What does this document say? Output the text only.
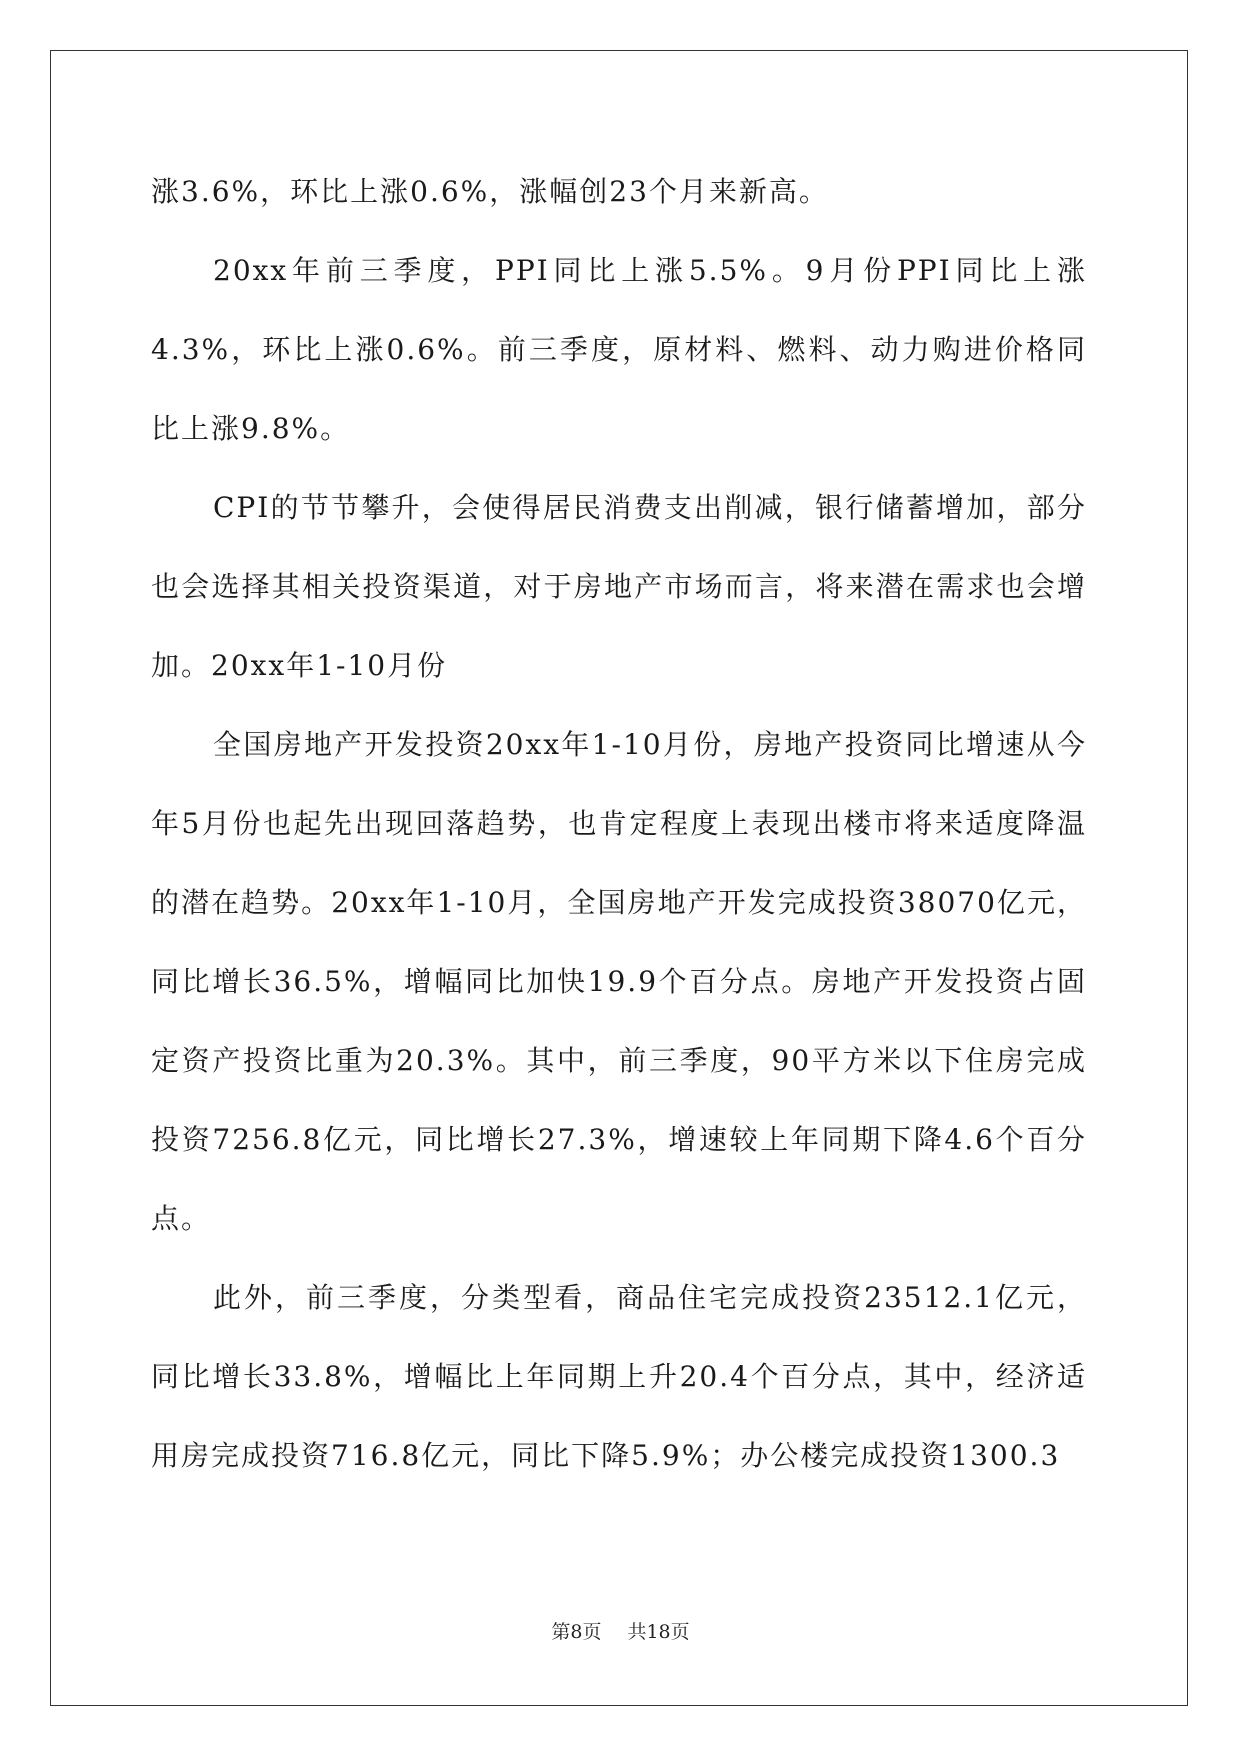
涨3.6%，环比上涨0.6%，涨幅创23个月来新高。

20xx年前三季度，PPI同比上涨5.5%。9月份PPI同比上涨4.3%，环比上涨0.6%。前三季度，原材料、燃料、动力购进价格同比上涨9.8%。

CPI的节节攀升，会使得居民消费支出削减，银行储蓄增加，部分也会选择其相关投资渠道，对于房地产市场而言，将来潜在需求也会增加。20xx年1-10月份

全国房地产开发投资20xx年1-10月份，房地产投资同比增速从今年5月份也起先出现回落趋势，也肯定程度上表现出楼市将来适度降温的潜在趋势。20xx年1-10月，全国房地产开发完成投资38070亿元，同比增长36.5%，增幅同比加快19.9个百分点。房地产开发投资占固定资产投资比重为20.3%。其中，前三季度，90平方米以下住房完成投资7256.8亿元，同比增长27.3%，增速较上年同期下降4.6个百分点。

此外，前三季度，分类型看，商品住宅完成投资23512.1亿元，同比增长33.8%，增幅比上年同期上升20.4个百分点，其中，经济适用房完成投资716.8亿元，同比下降5.9%；办公楼完成投资1300.3

第8页 共18页
